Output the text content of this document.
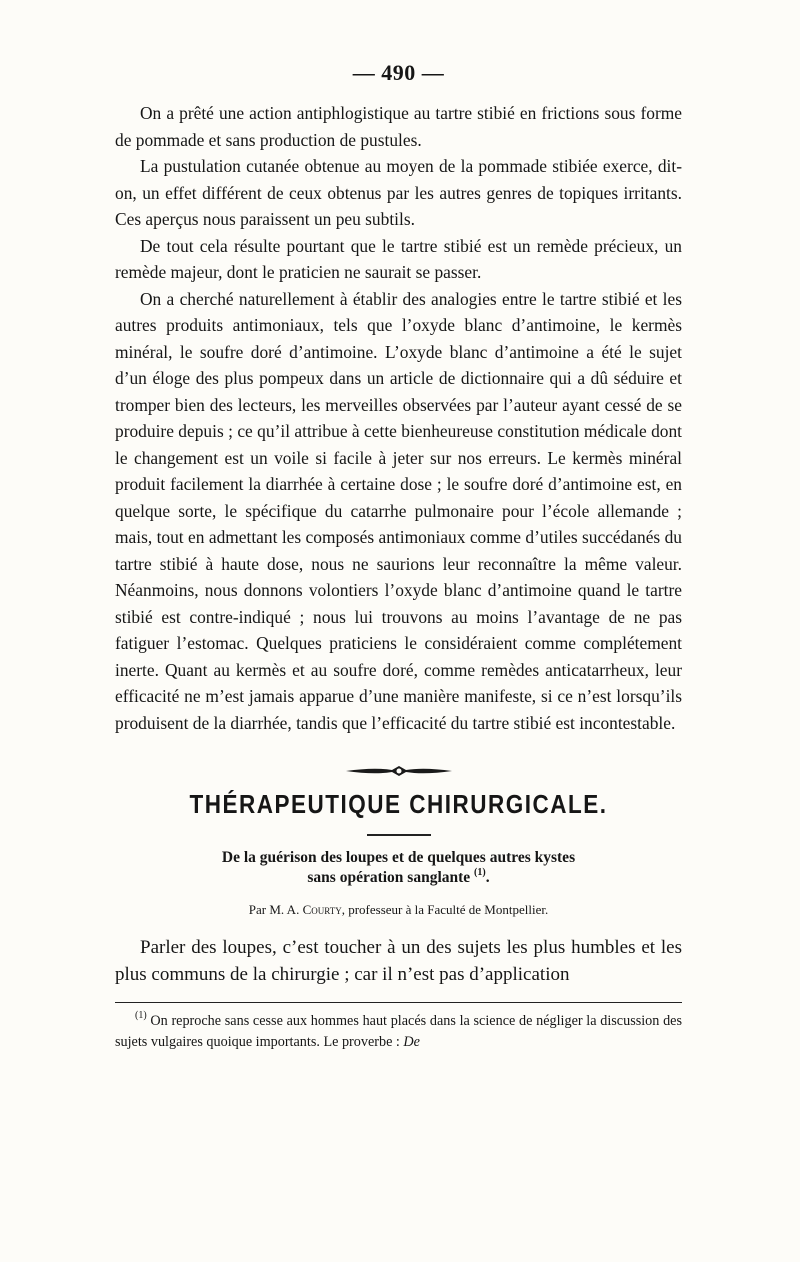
— 490 —

On a prêté une action antiphlogistique au tartre stibié en frictions sous forme de pommade et sans production de pustules.

La pustulation cutanée obtenue au moyen de la pommade stibiée exerce, dit-on, un effet différent de ceux obtenus par les autres genres de topiques irritants. Ces aperçus nous paraissent un peu subtils.

De tout cela résulte pourtant que le tartre stibié est un remède précieux, un remède majeur, dont le praticien ne saurait se passer.

On a cherché naturellement à établir des analogies entre le tartre stibié et les autres produits antimoniaux, tels que l’oxyde blanc d’antimoine, le kermès minéral, le soufre doré d’antimoine. L’oxyde blanc d’antimoine a été le sujet d’un éloge des plus pompeux dans un article de dictionnaire qui a dû séduire et tromper bien des lecteurs, les merveilles observées par l’auteur ayant cessé de se produire depuis ; ce qu’il attribue à cette bienheureuse constitution médicale dont le changement est un voile si facile à jeter sur nos erreurs. Le kermès minéral produit facilement la diarrhée à certaine dose ; le soufre doré d’antimoine est, en quelque sorte, le spécifique du catarrhe pulmonaire pour l’école allemande ; mais, tout en admettant les composés antimoniaux comme d’utiles succédanés du tartre stibié à haute dose, nous ne saurions leur reconnaître la même valeur. Néanmoins, nous donnons volontiers l’oxyde blanc d’antimoine quand le tartre stibié est contre-indiqué ; nous lui trouvons au moins l’avantage de ne pas fatiguer l’estomac. Quelques praticiens le considéraient comme complétement inerte. Quant au kermès et au soufre doré, comme remèdes anticatarrheux, leur efficacité ne m’est jamais apparue d’une manière manifeste, si ce n’est lorsqu’ils produisent de la diarrhée, tandis que l’efficacité du tartre stibié est incontestable.

THÉRAPEUTIQUE CHIRURGICALE.

De la guérison des loupes et de quelques autres kystes
sans opération sanglante $^{(1)}$.

Par M. A. Courty, professeur à la Faculté de Montpellier.

Parler des loupes, c’est toucher à un des sujets les plus humbles et les plus communs de la chirurgie ; car il n’est pas d’application

$^{(1)}$ On reproche sans cesse aux hommes haut placés dans la science de négliger la discussion des sujets vulgaires quoique importants. Le proverbe : De
